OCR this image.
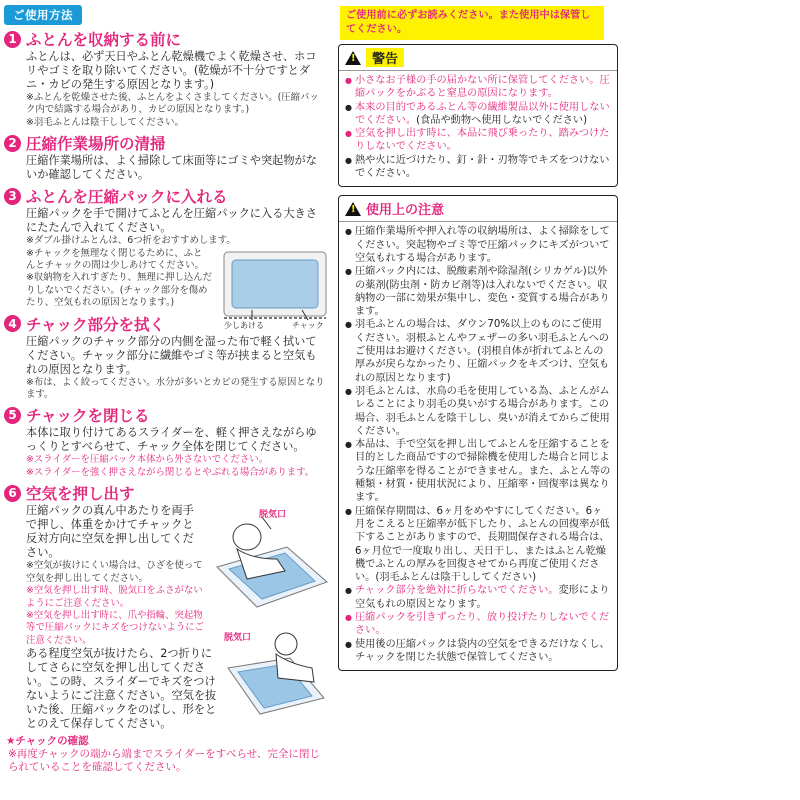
ご使用方法
1 ふとんを収納する前に

ふとんは、必ず天日やふとん乾燥機でよく乾燥させ、ホコリやゴミを取り除いてください。(乾燥が不十分ですとダニ・カビの発生する原因となります。)

※ふとんを乾燥させた後、ふとんをよくさましてください。(圧縮パック内で結露する場合があり、カビの原因となります。)
※羽毛ふとんは陰干ししてください。
2 圧縮作業場所の清掃

圧縮作業場所は、よく掃除して床面等にゴミや突起物がないか確認してください。

3 ふとんを圧縮パックに入れる

圧縮パックを手で開けてふとんを圧縮パックに入る大きさにたたんで入れてください。

※ダブル掛けふとんは、6つ折をおすすめします。
※チャックを無理なく閉じるために、ふとんとチャックの間は少しあけてください。
※収納物を入れすぎたり、無理に押し込んだりしないでください。(チャック部分を傷めたり、空気もれの原因となります。)
4 チャック部分を拭く

圧縮パックのチャック部分の内側を湿った布で軽く拭いてください。チャック部分に繊維やゴミ等が挟まると空気もれの原因となります。

※布は、よく絞ってください。水分が多いとカビの発生する原因となります。
5 チャックを閉じる

本体に取り付けてあるスライダーを、軽く押さえながらゆっくりとすべらせて、チャック全体を閉じてください。

※スライダーを圧縮パック本体から外さないでください。
※スライダーを強く押さえながら閉じるとやぶれる場合があります。
6 空気を押し出す

圧縮パックの真ん中あたりを両手で押し、体重をかけてチャックと反対方向に空気を押し出してください。

※空気が抜けにくい場合は、ひざを使って空気を押し出してください。
※空気を押し出す時、脱気口をふさがないようにご注意ください。
※空気を押し出す時に、爪や指輪、突起物等で圧縮パックにキズをつけないようにご注意ください。
ある程度空気が抜けたら、2つ折りにしてさらに空気を押し出してください。この時、スライダーでキズをつけないようにご注意ください。空気を抜いた後、圧縮パックをのばし、形をととのえて保存してください。
★チャックの確認
※再度チャックの端から端までスライダーをすべらせ、完全に閉じられていることを確認してください。
少しあける	チャック
脱気口
脱気口
ご使用前に必ずお読みください。また使用中は保管してください。
!	警告
● 小さなお子様の手の届かない所に保管してください。圧縮パックをかぶると窒息の原因になります。
● 本来の目的であるふとん等の繊維製品以外に使用しないでください。(食品や動物へ使用しないでください)
● 空気を押し出す時に、本品に飛び乗ったり、踏みつけたりしないでください。
● 熱や火に近づけたり、釘・針・刃物等でキズをつけないでください。
! 使用上の注意
● 圧縮作業場所や押入れ等の収納場所は、よく掃除をしてください。突起物やゴミ等で圧縮パックにキズがついて空気もれする場合があります。
● 圧縮パック内には、脱酸素剤や除湿剤(シリカゲル)以外の薬剤(防虫剤・防カビ剤等)は入れないでください。収納物の一部に効果が集中し、変色・変質する場合があります。
● 羽毛ふとんの場合は、ダウン70%以上のものにご使用ください。羽根ふとんやフェザーの多い羽毛ふとんへのご使用はお避けください。(羽根自体が折れてふとんの厚みが戻らなかったり、圧縮パックをキズつけ、空気もれの原因となります)
● 羽毛ふとんは、水鳥の毛を使用している為、ふとんがムレることにより羽毛の臭いがする場合があります。この場合、羽毛ふとんを陰干しし、臭いが消えてからご使用ください。
● 本品は、手で空気を押し出してふとんを圧縮することを目的とした商品ですので掃除機を使用した場合と同じような圧縮率を得ることができません。また、ふとん等の種類・材質・使用状況により、圧縮率・回復率は異なります。
● 圧縮保存期間は、6ヶ月をめやすにしてください。6ヶ月をこえると圧縮率が低下したり、ふとんの回復率が低下することがありますので、長期間保存される場合は、6ヶ月位で一度取り出し、天日干し、またはふとん乾燥機でふとんの厚みを回復させてから再度ご使用ください。(羽毛ふとんは陰干ししてください)
● チャック部分を絶対に折らないでください。変形により空気もれの原因となります。
● 圧縮パックを引きずったり、放り投げたりしないでください。
● 使用後の圧縮パックは袋内の空気をできるだけなくし、チャックを閉じた状態で保管してください。
